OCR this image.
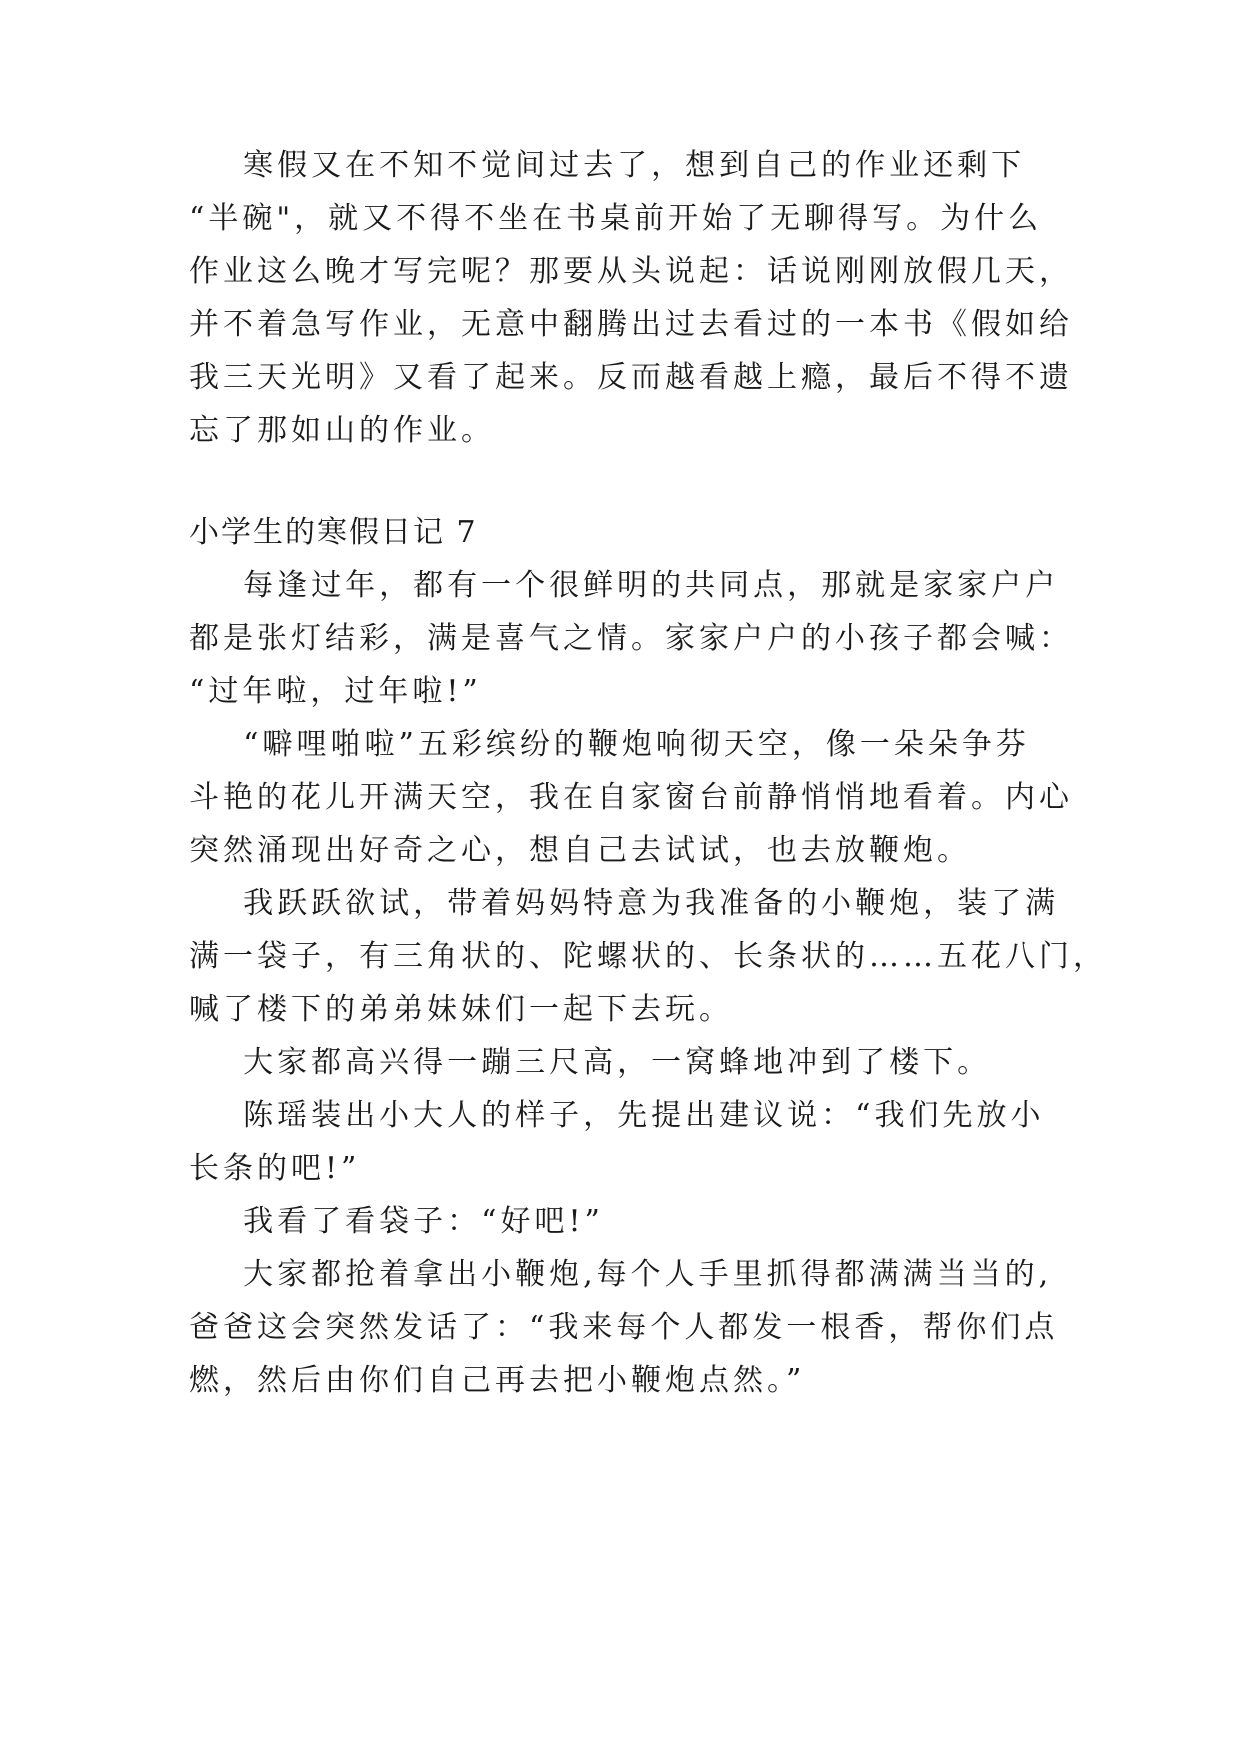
寒假又在不知不觉间过去了，想到自己的作业还剩下
“半碗"，就又不得不坐在书桌前开始了无聊得写。为什么
作业这么晚才写完呢？那要从头说起：话说刚刚放假几天，
并不着急写作业，无意中翻腾出过去看过的一本书《假如给
我三天光明》又看了起来。反而越看越上瘾，最后不得不遗
忘了那如山的作业。
小学生的寒假日记 7
每逢过年，都有一个很鲜明的共同点，那就是家家户户
都是张灯结彩，满是喜气之情。家家户户的小孩子都会喊：
“过年啦，过年啦!”
“噼哩啪啦”五彩缤纷的鞭炮响彻天空，像一朵朵争芬
斗艳的花儿开满天空，我在自家窗台前静悄悄地看着。内心
突然涌现出好奇之心，想自己去试试，也去放鞭炮。
我跃跃欲试，带着妈妈特意为我准备的小鞭炮，装了满
满一袋子，有三角状的、陀螺状的、长条状的……五花八门，
喊了楼下的弟弟妹妹们一起下去玩。
大家都高兴得一蹦三尺高，一窝蜂地冲到了楼下。
陈瑶装出小大人的样子，先提出建议说：“我们先放小
长条的吧!”
我看了看袋子：“好吧!”
大家都抢着拿出小鞭炮,每个人手里抓得都满满当当的,
爸爸这会突然发话了：“我来每个人都发一根香，帮你们点
燃，然后由你们自己再去把小鞭炮点然。”
